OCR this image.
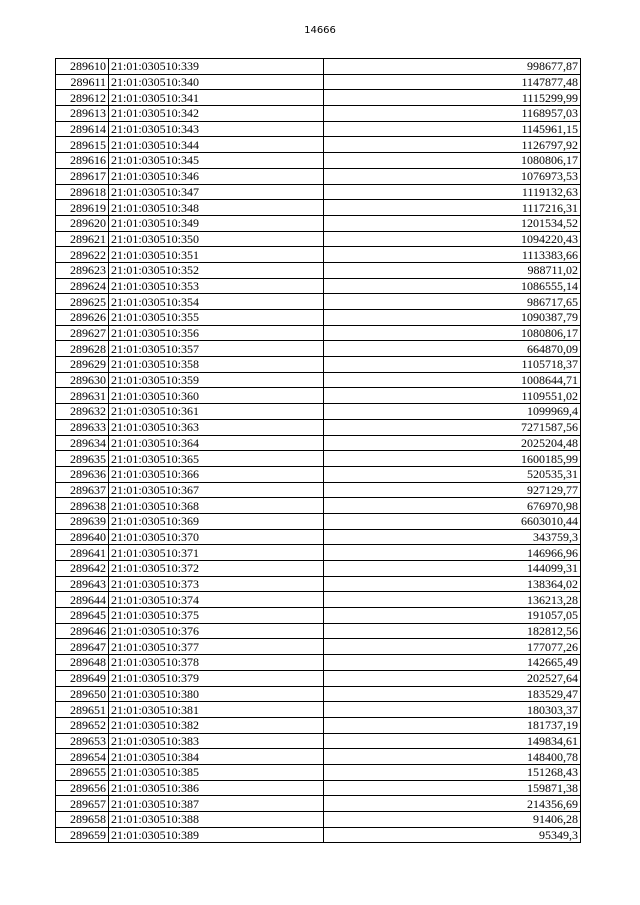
14666
289610	21:01:030510:339	998677,87
289611	21:01:030510:340	1147877,48
289612	21:01:030510:341	1115299,99
289613	21:01:030510:342	1168957,03
289614	21:01:030510:343	1145961,15
289615	21:01:030510:344	1126797,92
289616	21:01:030510:345	1080806,17
289617	21:01:030510:346	1076973,53
289618	21:01:030510:347	1119132,63
289619	21:01:030510:348	1117216,31
289620	21:01:030510:349	1201534,52
289621	21:01:030510:350	1094220,43
289622	21:01:030510:351	1113383,66
289623	21:01:030510:352	988711,02
289624	21:01:030510:353	1086555,14
289625	21:01:030510:354	986717,65
289626	21:01:030510:355	1090387,79
289627	21:01:030510:356	1080806,17
289628	21:01:030510:357	664870,09
289629	21:01:030510:358	1105718,37
289630	21:01:030510:359	1008644,71
289631	21:01:030510:360	1109551,02
289632	21:01:030510:361	1099969,4
289633	21:01:030510:363	7271587,56
289634	21:01:030510:364	2025204,48
289635	21:01:030510:365	1600185,99
289636	21:01:030510:366	520535,31
289637	21:01:030510:367	927129,77
289638	21:01:030510:368	676970,98
289639	21:01:030510:369	6603010,44
289640	21:01:030510:370	343759,3
289641	21:01:030510:371	146966,96
289642	21:01:030510:372	144099,31
289643	21:01:030510:373	138364,02
289644	21:01:030510:374	136213,28
289645	21:01:030510:375	191057,05
289646	21:01:030510:376	182812,56
289647	21:01:030510:377	177077,26
289648	21:01:030510:378	142665,49
289649	21:01:030510:379	202527,64
289650	21:01:030510:380	183529,47
289651	21:01:030510:381	180303,37
289652	21:01:030510:382	181737,19
289653	21:01:030510:383	149834,61
289654	21:01:030510:384	148400,78
289655	21:01:030510:385	151268,43
289656	21:01:030510:386	159871,38
289657	21:01:030510:387	214356,69
289658	21:01:030510:388	91406,28
289659	21:01:030510:389	95349,3
